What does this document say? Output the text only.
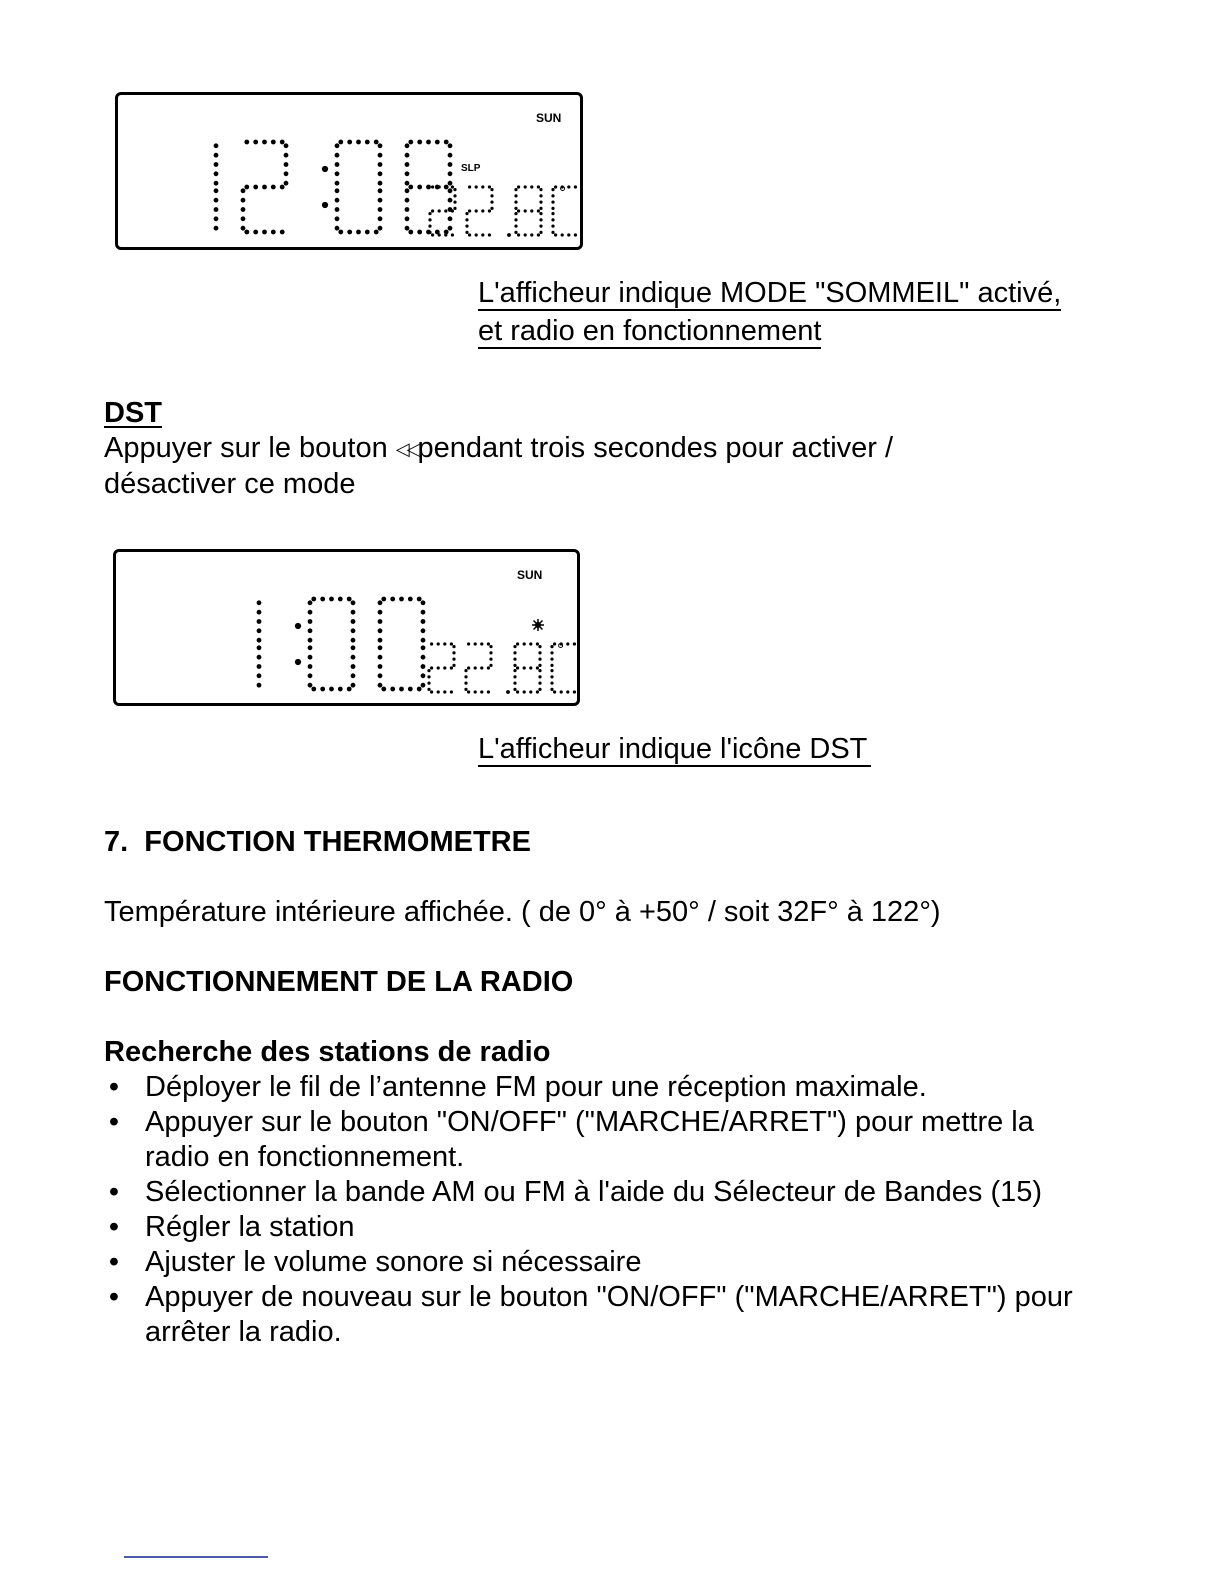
SUN
SLP
°
L'afficheur indique MODE "SOMMEIL" activé,
et radio en fonctionnement

DST

Appuyer sur le bouton ◁◁pendant trois secondes pour activer /
désactiver ce mode

SUN
°
L'afficheur indique l'icône DST

7.  FONCTION THERMOMETRE

Température intérieure affichée. ( de 0° à +50° / soit 32F° à 122°)

FONCTIONNEMENT DE LA RADIO

Recherche des stations de radio

• Déployer le fil de l’antenne FM pour une réception maximale.
• Appuyer sur le bouton "ON/OFF" ("MARCHE/ARRET") pour mettre la radio en fonctionnement.
• Sélectionner la bande AM ou FM à l'aide du Sélecteur de Bandes (15)
• Régler la station
• Ajuster le volume sonore si nécessaire
• Appuyer de nouveau sur le bouton "ON/OFF" ("MARCHE/ARRET") pour arrêter la radio.
